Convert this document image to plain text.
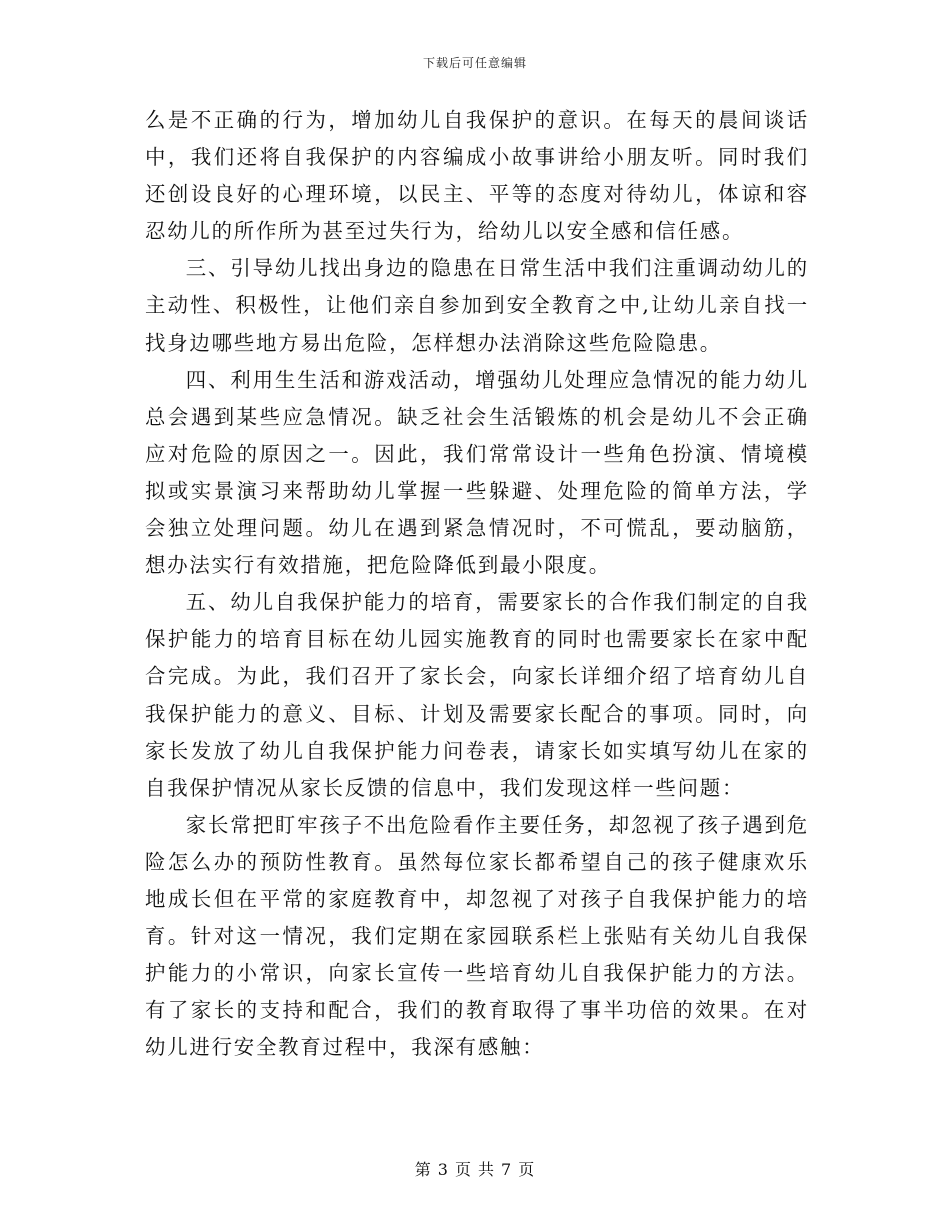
下载后可任意编辑

么是不正确的行为，增加幼儿自我保护的意识。在每天的晨间谈话中，我们还将自我保护的内容编成小故事讲给小朋友听。同时我们还创设良好的心理环境，以民主、平等的态度对待幼儿，体谅和容忍幼儿的所作所为甚至过失行为，给幼儿以安全感和信任感。

三、引导幼儿找出身边的隐患在日常生活中我们注重调动幼儿的主动性、积极性，让他们亲自参加到安全教育之中,让幼儿亲自找一找身边哪些地方易出危险，怎样想办法消除这些危险隐患。

四、利用生生活和游戏活动，增强幼儿处理应急情况的能力幼儿总会遇到某些应急情况。缺乏社会生活锻炼的机会是幼儿不会正确应对危险的原因之一。因此，我们常常设计一些角色扮演、情境模拟或实景演习来帮助幼儿掌握一些躲避、处理危险的简单方法，学会独立处理问题。幼儿在遇到紧急情况时，不可慌乱，要动脑筋，想办法实行有效措施，把危险降低到最小限度。

五、幼儿自我保护能力的培育，需要家长的合作我们制定的自我保护能力的培育目标在幼儿园实施教育的同时也需要家长在家中配合完成。为此，我们召开了家长会，向家长详细介绍了培育幼儿自我保护能力的意义、目标、计划及需要家长配合的事项。同时，向家长发放了幼儿自我保护能力问卷表，请家长如实填写幼儿在家的自我保护情况从家长反馈的信息中，我们发现这样一些问题：

家长常把盯牢孩子不出危险看作主要任务，却忽视了孩子遇到危险怎么办的预防性教育。虽然每位家长都希望自己的孩子健康欢乐地成长但在平常的家庭教育中，却忽视了对孩子自我保护能力的培育。针对这一情况，我们定期在家园联系栏上张贴有关幼儿自我保护能力的小常识，向家长宣传一些培育幼儿自我保护能力的方法。有了家长的支持和配合，我们的教育取得了事半功倍的效果。在对幼儿进行安全教育过程中，我深有感触：

第 3 页 共 7 页
